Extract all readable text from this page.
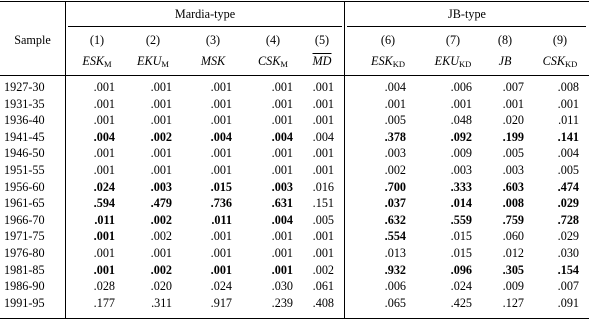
Sample
Mardia-type	JB-type
(1)	(2)	(3)	(4)	(5)	(6)	(7)	(8)	(9)
$ESK_M$	$EKU_M$	MSK	$CSK_M$	$\overline{MD}$	$ESK_{KD}$	$EKU_{KD}$	JB	$CSK_{KD}$
1927-30	.001	.001	.001	.001	.001	.004	.006	.007	.008
1931-35	.001	.001	.001	.001	.001	.001	.001	.001	.001
1936-40	.001	.001	.001	.001	.001	.005	.048	.020	.011
1941-45	.004	.002	.004	.004	.004	.378	.092	.199	.141
1946-50	.001	.001	.001	.001	.001	.003	.009	.005	.004
1951-55	.001	.001	.001	.001	.001	.002	.003	.003	.005
1956-60	.024	.003	.015	.003	.016	.700	.333	.603	.474
1961-65	.594	.479	.736	.631	.151	.037	.014	.008	.029
1966-70	.011	.002	.011	.004	.005	.632	.559	.759	.728
1971-75	.001	.002	.001	.001	.001	.554	.015	.060	.029
1976-80	.001	.001	.001	.001	.001	.013	.015	.012	.030
1981-85	.001	.002	.001	.001	.002	.932	.096	.305	.154
1986-90	.028	.020	.024	.030	.061	.006	.024	.009	.007
1991-95	.177	.311	.917	.239	.408	.065	.425	.127	.091
